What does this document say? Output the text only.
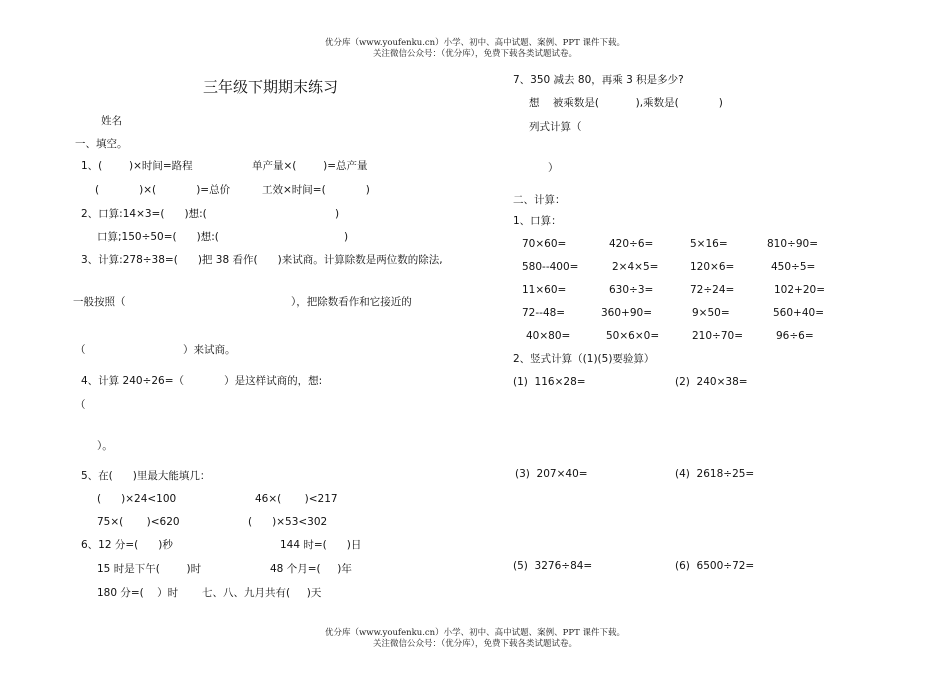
优分库（www.youfenku.cn）小学、初中、高中试题、案例、PPT 课件下载。
关注微信公众号：（优分库），免费下载各类试题试卷。
优分库（www.youfenku.cn）小学、初中、高中试题、案例、PPT 课件下载。
关注微信公众号：（优分库），免费下载各类试题试卷。
三年级下期期末练习
姓名
一、填空。
1、(        )×时间=路程	单产量×(        )=总产量
(            )×(            )=总价	工效×时间=(            )
2、口算:14×3=(      )想:(	)
口算;150÷50=(      )想:(	)
3、计算:278÷38=(      )把 38 看作(      )来试商。计算除数是两位数的除法,
一般按照（	），把除数看作和它接近的
（	）来试商。
4、计算 240÷26=（            ）是这样试商的，想:
（
）。
5、在(      )里最大能填几：
(      )×24<100	46×(       )<217
75×(       )<620	(      )×53<302
6、12 分=(      )秒	144 时=(      )日
15 时是下午(        )时	48 个月=(     )年
180 分=(    ）时 七、八、九月共有(     )天
7、350 减去 80，再乘 3 积是多少?
想    被乘数是(           ),乘数是(            )
列式计算（
）
二、计算：
1、口算：
70×60=	420÷6=	5×16=	810÷90=
580--400=	2×4×5=	120×6=	450÷5=
11×60=	630÷3=	72÷24=	102+20=
72--48=	360+90=	9×50=	560+40=
40×80=	50×6×0=	210÷70=	96÷6=
2、竖式计算（(1)(5)要验算）
(1)  116×28=	(2)  240×38=
(3)  207×40=	(4)  2618÷25=
(5)  3276÷84=	(6)  6500÷72=
